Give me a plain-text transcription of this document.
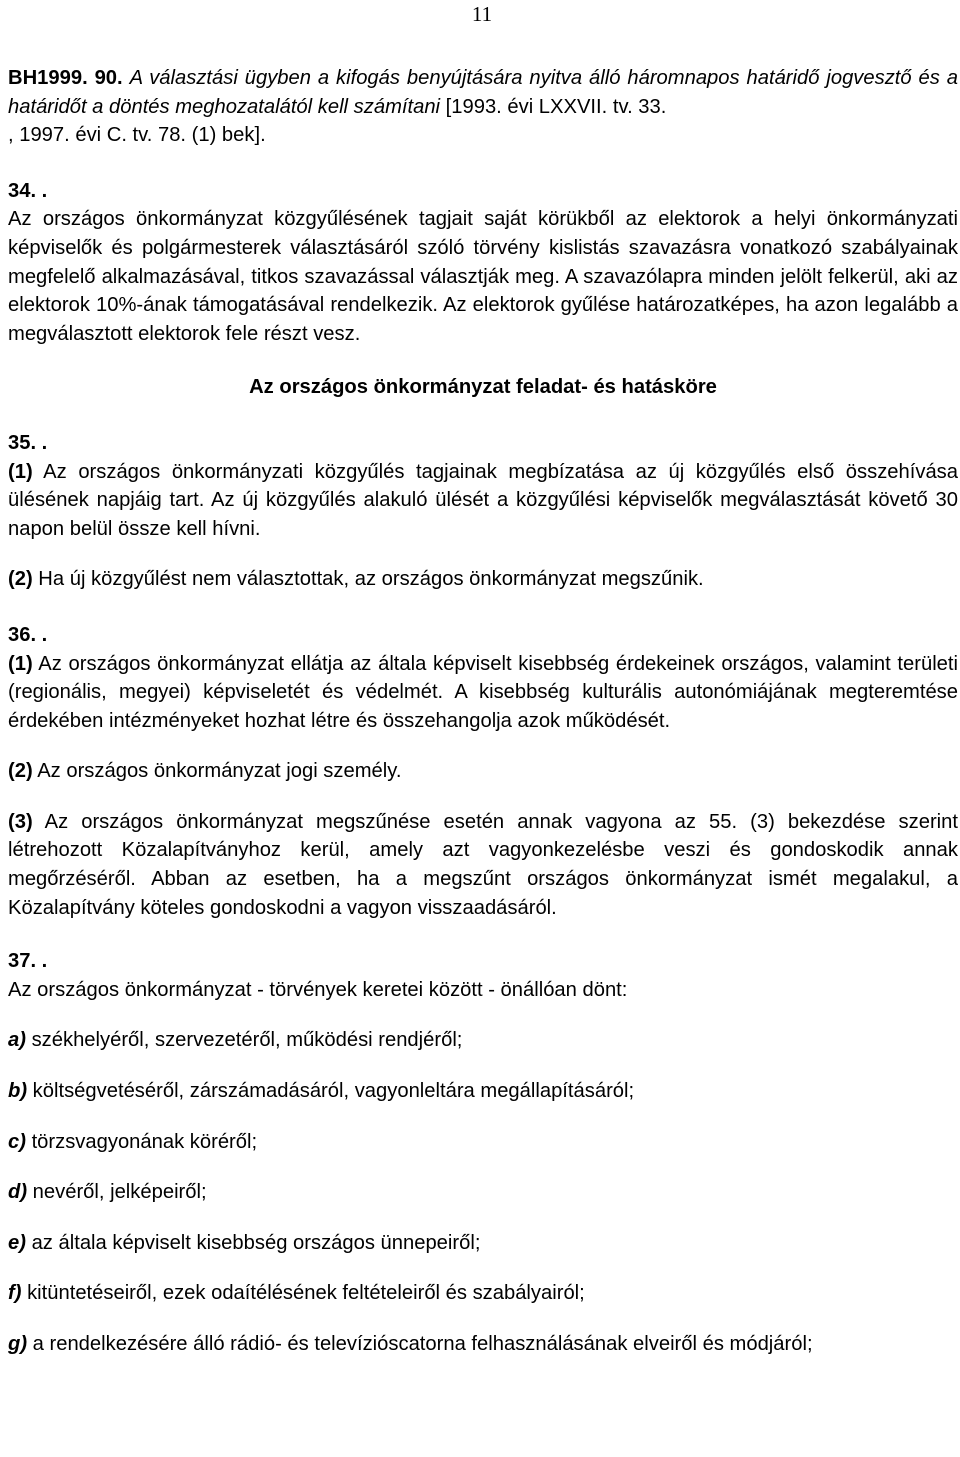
11

BH1999. 90. A választási ügyben a kifogás benyújtására nyitva álló háromnapos határidő jogvesztő és a határidőt a döntés meghozatalától kell számítani [1993. évi LXXVII. tv. 33.
, 1997. évi C. tv. 78. (1) bek].

34. .

Az országos önkormányzat közgyűlésének tagjait saját körükből az elektorok a helyi önkormányzati képviselők és polgármesterek választásáról szóló törvény kislistás szavazásra vonatkozó szabályainak megfelelő alkalmazásával, titkos szavazással választják meg. A szavazólapra minden jelölt felkerül, aki az elektorok 10%-ának támogatásával rendelkezik. Az elektorok gyűlése határozatképes, ha azon legalább a megválasztott elektorok fele részt vesz.

Az országos önkormányzat feladat- és hatásköre

35. .

(1) Az országos önkormányzati közgyűlés tagjainak megbízatása az új közgyűlés első összehívása ülésének napjáig tart. Az új közgyűlés alakuló ülését a közgyűlési képviselők megválasztását követő 30 napon belül össze kell hívni.

(2) Ha új közgyűlést nem választottak, az országos önkormányzat megszűnik.

36. .

(1) Az országos önkormányzat ellátja az általa képviselt kisebbség érdekeinek országos, valamint területi (regionális, megyei) képviseletét és védelmét. A kisebbség kulturális autonómiájának megteremtése érdekében intézményeket hozhat létre és összehangolja azok működését.

(2) Az országos önkormányzat jogi személy.

(3) Az országos önkormányzat megszűnése esetén annak vagyona az 55. (3) bekezdése szerint létrehozott Közalapítványhoz kerül, amely azt vagyonkezelésbe veszi és gondoskodik annak megőrzéséről. Abban az esetben, ha a megszűnt országos önkormányzat ismét megalakul, a Közalapítvány köteles gondoskodni a vagyon visszaadásáról.

37. .

Az országos önkormányzat - törvények keretei között - önállóan dönt:

a) székhelyéről, szervezetéről, működési rendjéről;

b) költségvetéséről, zárszámadásáról, vagyonleltára megállapításáról;

c) törzsvagyonának köréről;

d) nevéről, jelképeiről;

e) az általa képviselt kisebbség országos ünnepeiről;

f) kitüntetéseiről, ezek odaítélésének feltételeiről és szabályairól;

g) a rendelkezésére álló rádió- és televízióscatorna felhasználásának elveiről és módjáról;
